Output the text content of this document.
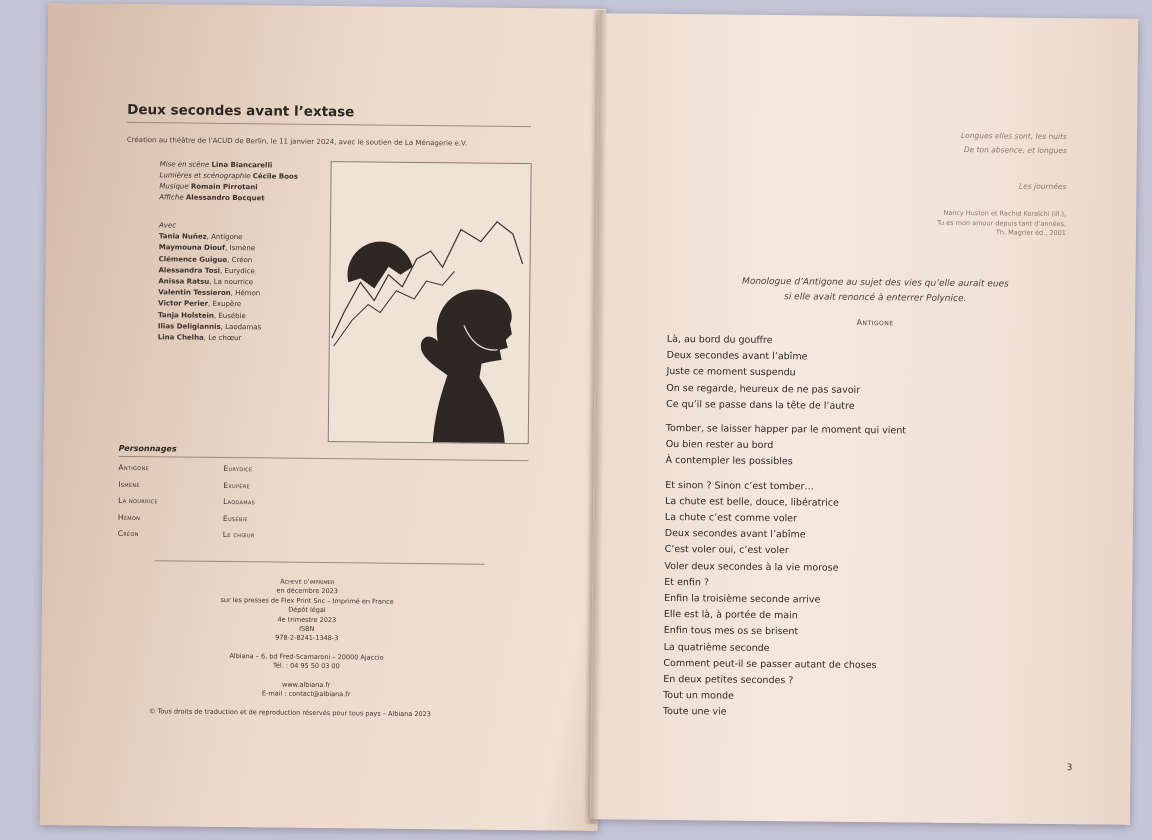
Deux secondes avant l’extase
Création au théâtre de l’ACUD de Berlin, le 11 janvier 2024, avec le soutien de La Ménagerie e.V.
Mise en scène Lina Biancarelli
Lumières et scénographie Cécile Boos
Musique Romain Pirrotani
Affiche Alessandro Bocquet
Avec
Tania Nuñez, Antigone
Maymouna Diouf, Ismène
Clémence Guigue, Créon
Alessandra Tosi, Eurydice
Anissa Ratsu, La nourrice
Valentin Tessieron, Hémon
Victor Perier, Exupère
Tanja Holstein, Eusébie
Ilias Deligiannis, Laodamas
Lina Chelha, Le chœur
Personnages
Antigone
Ismène
La nourrice
Hémon
Créon
Eurydice
Exupère
Laodamas
Eusébie
Le chœur
Achevé d’imprimer
en décembre 2023
sur les presses de Flex Print Snc – Imprimé en France
Dépôt légal
4e trimestre 2023
ISBN
978-2-8241-1348-3
Albiana – 6, bd Fred-Scamaroni – 20000 Ajaccio
Tél. : 04 95 50 03 00
www.albiana.fr
E-mail : contact@albiana.fr
© Tous droits de traduction et de reproduction réservés pour tous pays – Albiana 2023
Longues elles sont, les nuits
De ton absence, et longues
Les journées
Nancy Huston et Rachid Koraïchi (ill.),
Tu es mon amour depuis tant d’années,
Th. Magrier éd., 2001
Monologue d’Antigone au sujet des vies qu’elle aurait eues
si elle avait renoncé à enterrer Polynice.
Antigone
Là, au bord du gouffre
Deux secondes avant l’abîme
Juste ce moment suspendu
On se regarde, heureux de ne pas savoir
Ce qu’il se passe dans la tête de l’autre
Tomber, se laisser happer par le moment qui vient
Ou bien rester au bord
À contempler les possibles
Et sinon ? Sinon c’est tomber…
La chute est belle, douce, libératrice
La chute c’est comme voler
Deux secondes avant l’abîme
C’est voler oui, c’est voler
Voler deux secondes à la vie morose
Et enfin ?
Enfin la troisième seconde arrive
Elle est là, à portée de main
Enfin tous mes os se brisent
La quatrième seconde
Comment peut-il se passer autant de choses
En deux petites secondes ?
Tout un monde
Toute une vie
3
